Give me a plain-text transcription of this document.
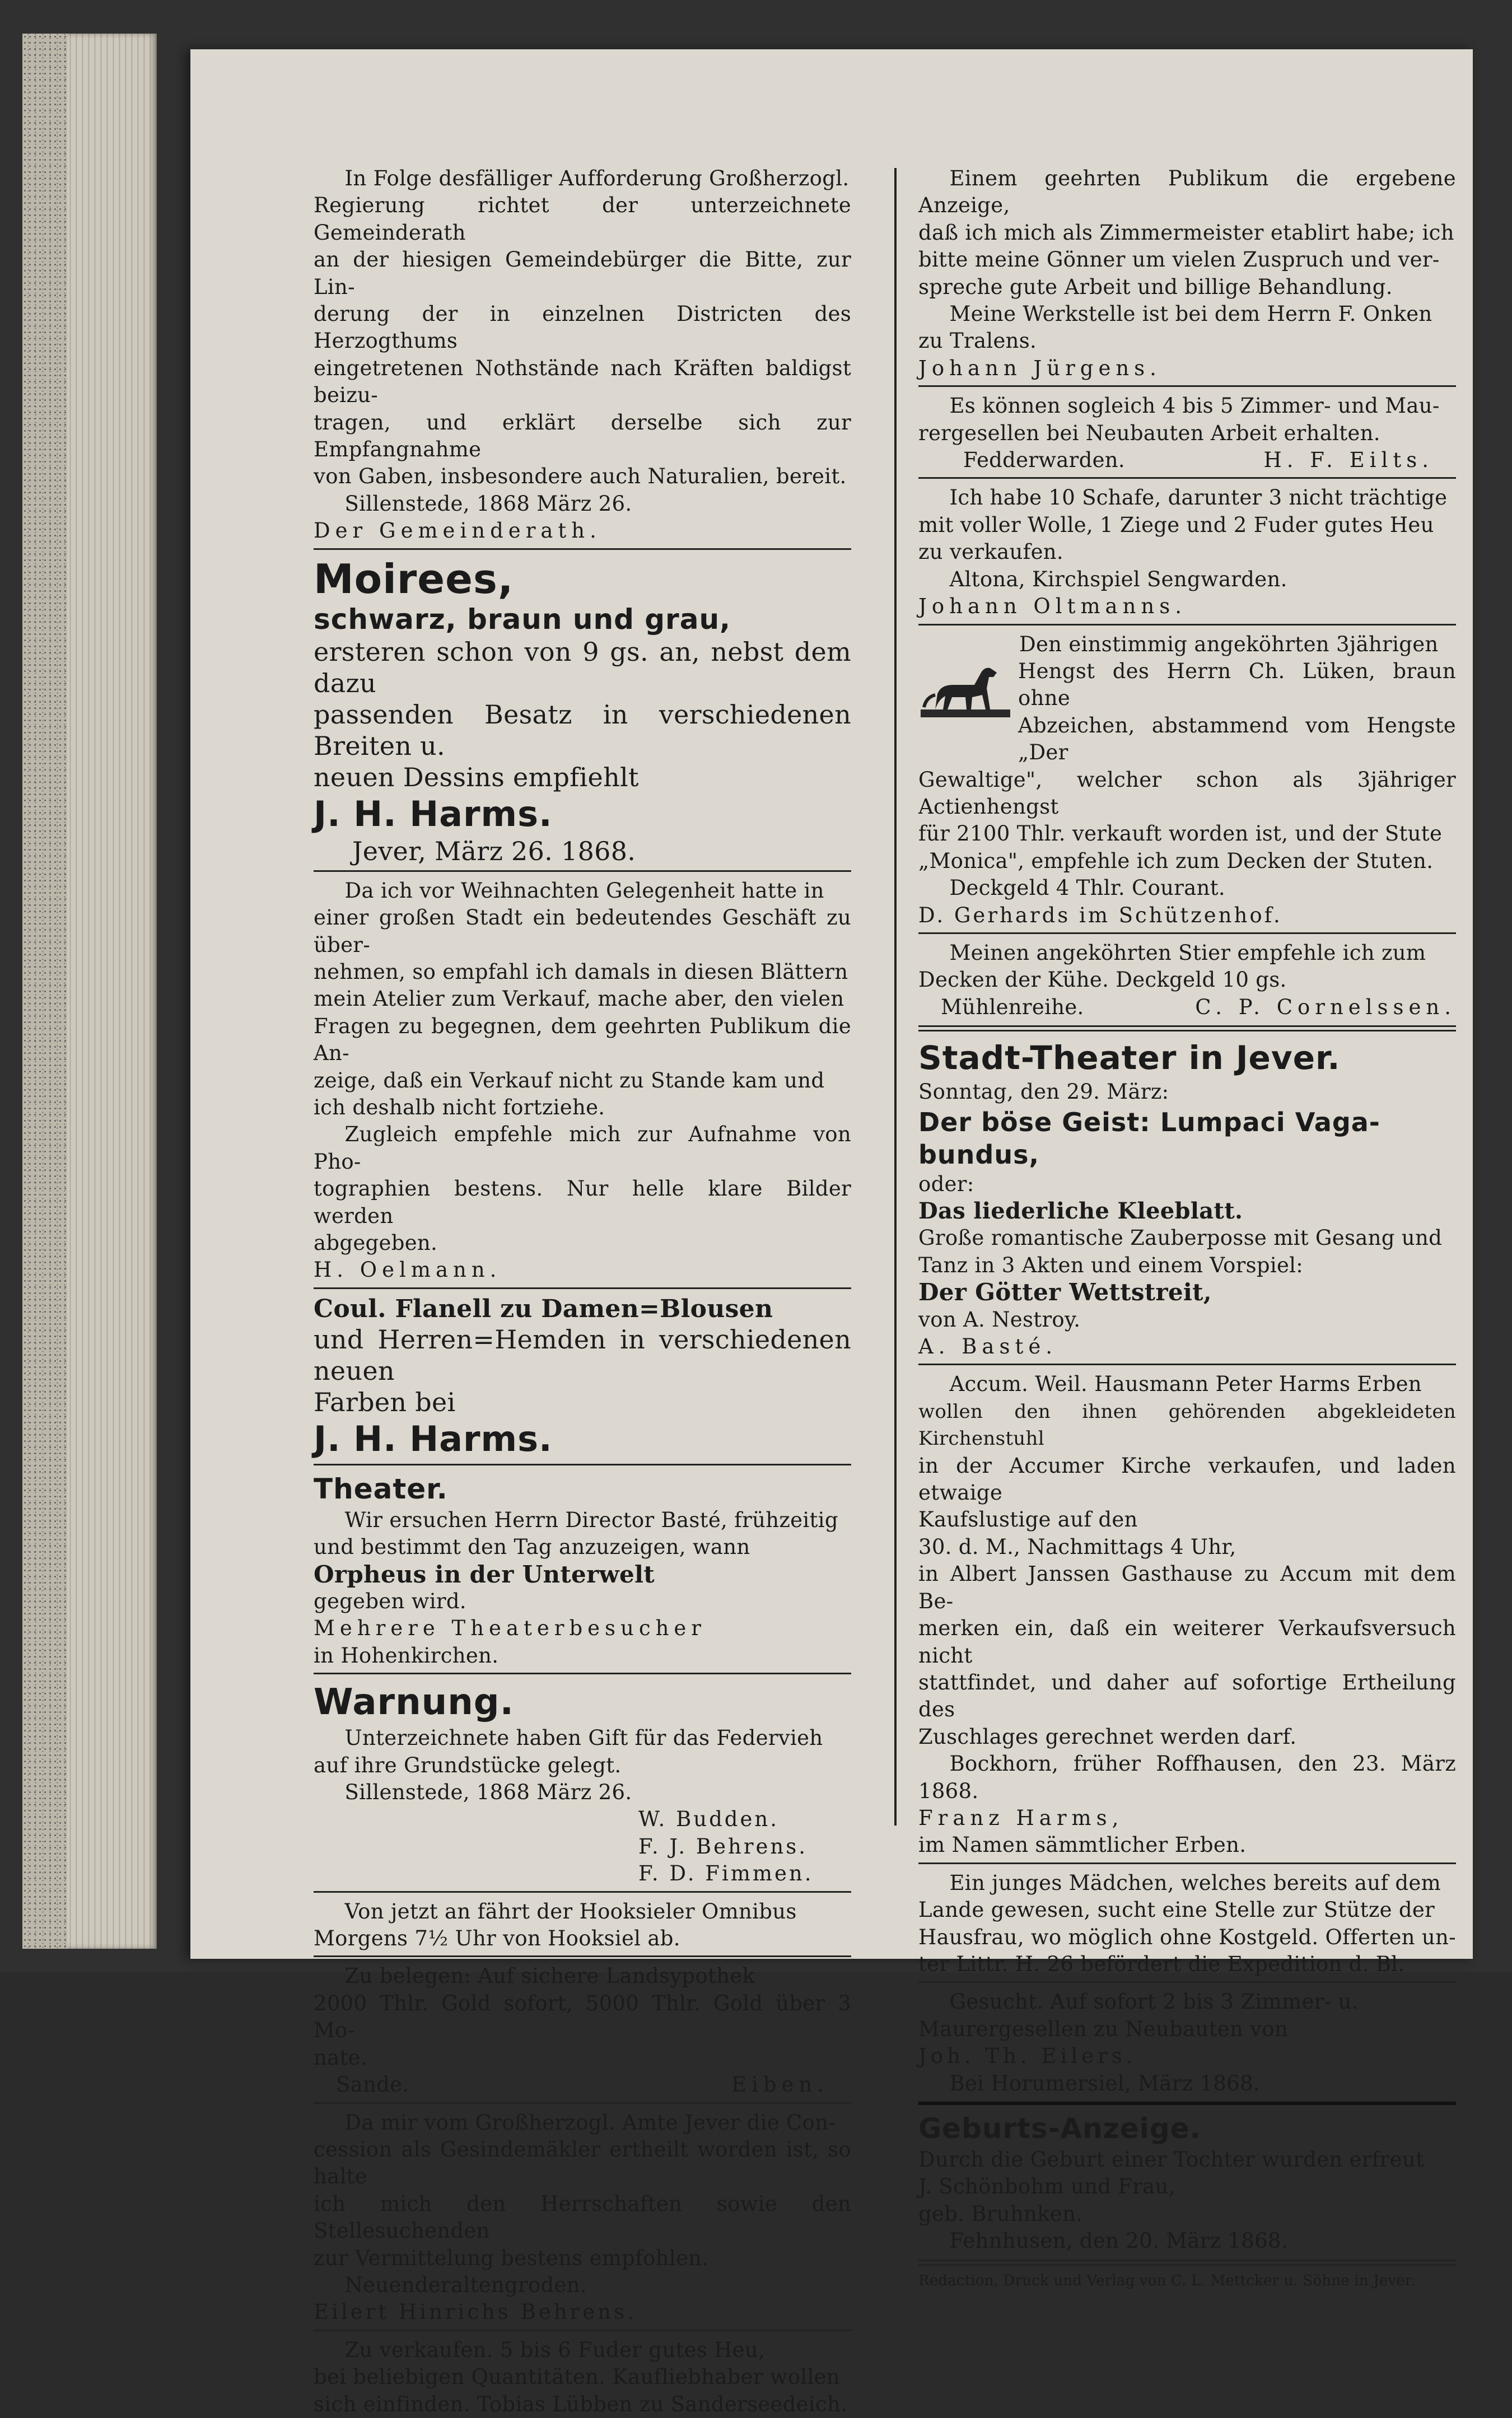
In Folge desfälliger Aufforderung Großherzogl.

Regierung richtet der unterzeichnete Gemeinderath

an der hiesigen Gemeindebürger die Bitte, zur Lin-

derung der in einzelnen Districten des Herzogthums

eingetretenen Nothstände nach Kräften baldigst beizu-

tragen, und erklärt derselbe sich zur Empfangnahme

von Gaben, insbesondere auch Naturalien, bereit.

Sillenstede, 1868 März 26.

Der Gemeinderath.

Moirees,

schwarz, braun und grau,

ersteren schon von 9 gs. an, nebst dem dazu

passenden Besatz in verschiedenen Breiten u.

neuen Dessins empfiehlt

J. H. Harms.

Jever, März 26. 1868.

Da ich vor Weihnachten Gelegenheit hatte in

einer großen Stadt ein bedeutendes Geschäft zu über-

nehmen, so empfahl ich damals in diesen Blättern

mein Atelier zum Verkauf, mache aber, den vielen

Fragen zu begegnen, dem geehrten Publikum die An-

zeige, daß ein Verkauf nicht zu Stande kam und

ich deshalb nicht fortziehe.

Zugleich empfehle mich zur Aufnahme von Pho-

tographien bestens. Nur helle klare Bilder werden

abgegeben.

H. Oelmann.

Coul. Flanell zu Damen=Blousen

und Herren=Hemden in verschiedenen neuen

Farben bei

J. H. Harms.

Theater.

Wir ersuchen Herrn Director Basté, frühzeitig

und bestimmt den Tag anzuzeigen, wann

Orpheus in der Unterwelt

gegeben wird.

Mehrere Theaterbesucher

in Hohenkirchen.

Warnung.

Unterzeichnete haben Gift für das Federvieh

auf ihre Grundstücke gelegt.

Sillenstede, 1868 März 26.

W. Budden.

F. J. Behrens.

F. D. Fimmen.

Von jetzt an fährt der Hooksieler Omnibus

Morgens 7½ Uhr von Hooksiel ab.

Zu belegen: Auf sichere Landsypothek

2000 Thlr. Gold sofort, 5000 Thlr. Gold über 3 Mo-

nate.

Sande.	Eiben.

Da mir vom Großherzogl. Amte Jever die Con-

cession als Gesindemäkler ertheilt worden ist, so halte

ich mich den Herrschaften sowie den Stellesuchenden

zur Vermittelung bestens empfohlen.

Neuenderaltengroden.

Eilert Hinrichs Behrens.

Zu verkaufen. 5 bis 6 Fuder gutes Heu,

bei beliebigen Quantitäten. Kaufliebhaber wollen

sich einfinden. Tobias Lübben zu Sanderseedeich.

Einem geehrten Publikum die ergebene Anzeige,

daß ich mich als Zimmermeister etablirt habe; ich

bitte meine Gönner um vielen Zuspruch und ver-

spreche gute Arbeit und billige Behandlung.

Meine Werkstelle ist bei dem Herrn F. Onken

zu Tralens.

Johann Jürgens.

Es können sogleich 4 bis 5 Zimmer- und Mau-

rergesellen bei Neubauten Arbeit erhalten.

Fedderwarden.	H. F. Eilts.

Ich habe 10 Schafe, darunter 3 nicht trächtige

mit voller Wolle, 1 Ziege und 2 Fuder gutes Heu

zu verkaufen.

Altona, Kirchspiel Sengwarden.

Johann Oltmanns.

Den einstimmig angeköhrten 3jährigen

Hengst des Herrn Ch. Lüken, braun ohne

Abzeichen, abstammend vom Hengste „Der

Gewaltige", welcher schon als 3jähriger Actienhengst

für 2100 Thlr. verkauft worden ist, und der Stute

„Monica", empfehle ich zum Decken der Stuten.

Deckgeld 4 Thlr. Courant.

D. Gerhards im Schützenhof.

Meinen angeköhrten Stier empfehle ich zum

Decken der Kühe. Deckgeld 10 gs.

Mühlenreihe.	C. P. Cornelssen.

Stadt-Theater in Jever.

Sonntag, den 29. März:

Der böse Geist: Lumpaci Vaga-

bundus,

oder:

Das liederliche Kleeblatt.

Große romantische Zauberposse mit Gesang und

Tanz in 3 Akten und einem Vorspiel:

Der Götter Wettstreit,

von A. Nestroy.

A. Basté.

Accum. Weil. Hausmann Peter Harms Erben

wollen den ihnen gehörenden abgekleideten Kirchenstuhl

in der Accumer Kirche verkaufen, und laden etwaige

Kaufslustige auf den

30. d. M., Nachmittags 4 Uhr,

in Albert Janssen Gasthause zu Accum mit dem Be-

merken ein, daß ein weiterer Verkaufsversuch nicht

stattfindet, und daher auf sofortige Ertheilung des

Zuschlages gerechnet werden darf.

Bockhorn, früher Roffhausen, den 23. März 1868.

Franz Harms,

im Namen sämmtlicher Erben.

Ein junges Mädchen, welches bereits auf dem

Lande gewesen, sucht eine Stelle zur Stütze der

Hausfrau, wo möglich ohne Kostgeld. Offerten un-

ter Littr. H. 26 befördert die Expedition d. Bl.

Gesucht. Auf sofort 2 bis 3 Zimmer- u.

Maurergesellen zu Neubauten von

Joh. Th. Eilers.

Bei Horumersiel, März 1868.

Geburts-Anzeige.

Durch die Geburt einer Tochter wurden erfreut

J. Schönbohm und Frau,

geb. Bruhnken.

Fehnhusen, den 20. März 1868.

Redaction, Druck und Verlag von C. L. Mettcker u. Söhne in Jever.
